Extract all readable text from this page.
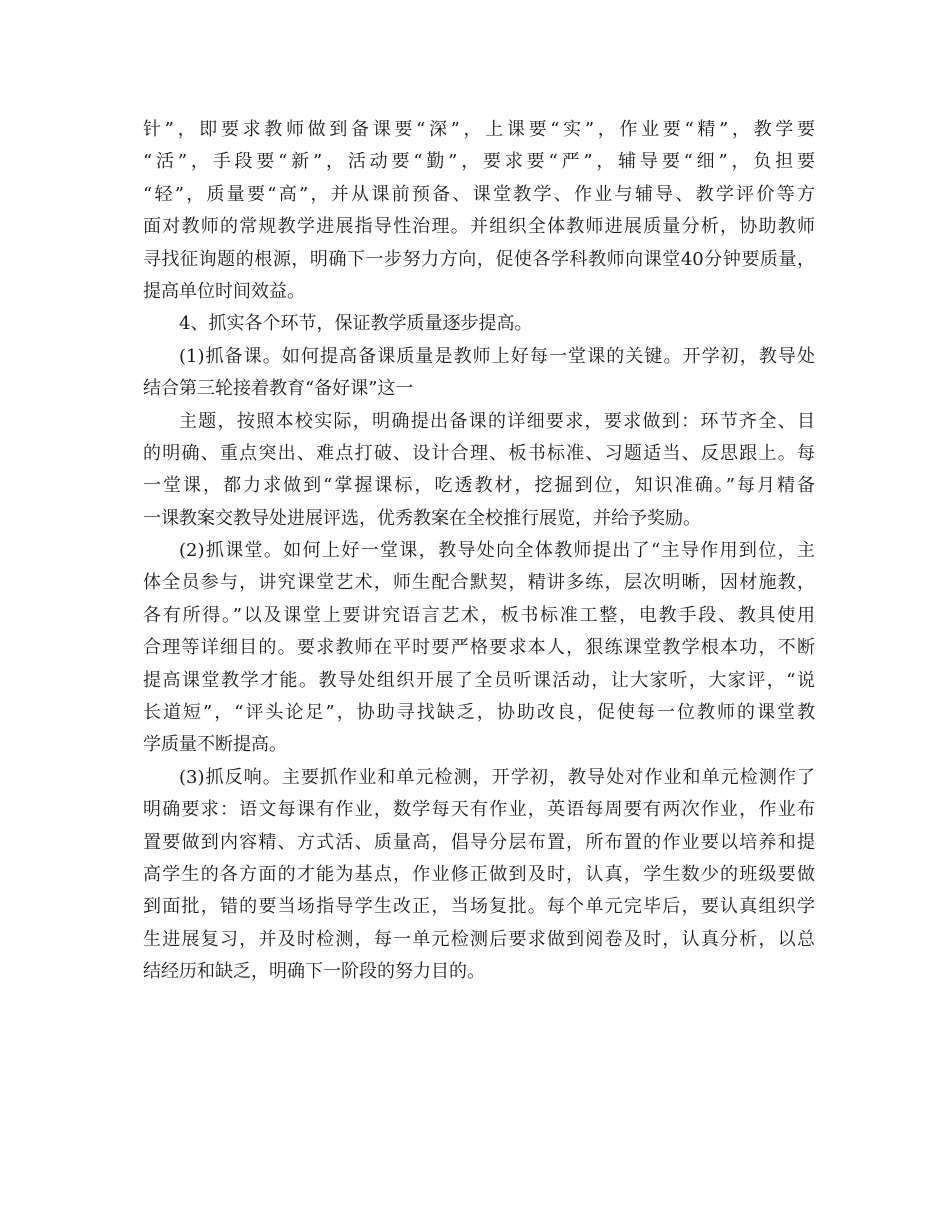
针”，即要求教师做到备课要“深”，上课要“实”，作业要“精”，教学要
“活”，手段要“新”，活动要“勤”，要求要“严”，辅导要“细”，负担要
“轻”，质量要“高”，并从课前预备、课堂教学、作业与辅导、教学评价等方
面对教师的常规教学进展指导性治理。并组织全体教师进展质量分析，协助教师
寻找征询题的根源，明确下一步努力方向，促使各学科教师向课堂40分钟要质量，
提高单位时间效益。
4、抓实各个环节，保证教学质量逐步提高。
(1)抓备课。如何提高备课质量是教师上好每一堂课的关键。开学初，教导处
结合第三轮接着教育“备好课”这一
主题，按照本校实际，明确提出备课的详细要求，要求做到：环节齐全、目
的明确、重点突出、难点打破、设计合理、板书标准、习题适当、反思跟上。每
一堂课，都力求做到“掌握课标，吃透教材，挖掘到位，知识准确。”每月精备
一课教案交教导处进展评选，优秀教案在全校推行展览，并给予奖励。
(2)抓课堂。如何上好一堂课，教导处向全体教师提出了“主导作用到位，主
体全员参与，讲究课堂艺术，师生配合默契，精讲多练，层次明晰，因材施教，
各有所得。”以及课堂上要讲究语言艺术，板书标准工整，电教手段、教具使用
合理等详细目的。要求教师在平时要严格要求本人，狠练课堂教学根本功，不断
提高课堂教学才能。教导处组织开展了全员听课活动，让大家听，大家评，“说
长道短”，“评头论足”，协助寻找缺乏，协助改良，促使每一位教师的课堂教
学质量不断提高。
(3)抓反响。主要抓作业和单元检测，开学初，教导处对作业和单元检测作了
明确要求：语文每课有作业，数学每天有作业，英语每周要有两次作业，作业布
置要做到内容精、方式活、质量高，倡导分层布置，所布置的作业要以培养和提
高学生的各方面的才能为基点，作业修正做到及时，认真，学生数少的班级要做
到面批，错的要当场指导学生改正，当场复批。每个单元完毕后，要认真组织学
生进展复习，并及时检测，每一单元检测后要求做到阅卷及时，认真分析，以总
结经历和缺乏，明确下一阶段的努力目的。
